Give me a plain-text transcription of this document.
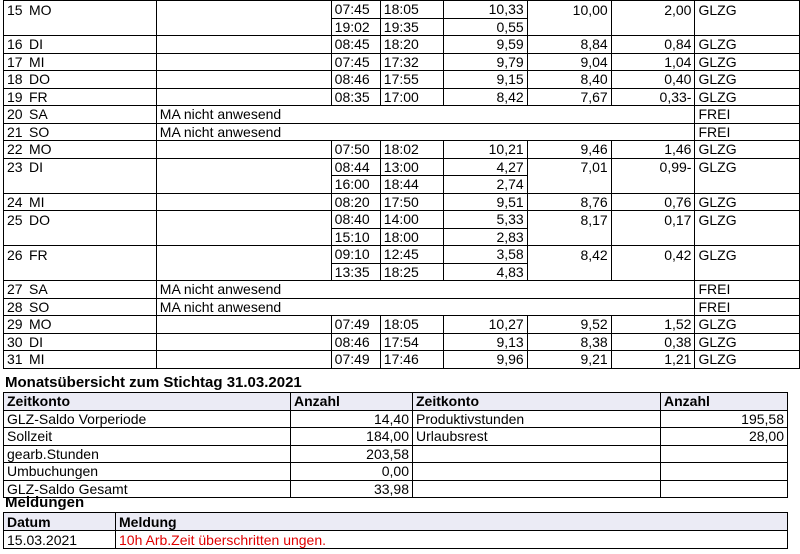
15 MO		07:45	18:05	10,33	10,00	2,00	GLZG
		19:02	19:35	0,55			
16 DI		08:45	18:20	9,59	8,84	0,84	GLZG
17 MI		07:45	17:32	9,79	9,04	1,04	GLZG
18 DO		08:46	17:55	9,15	8,40	0,40	GLZG
19 FR		08:35	17:00	8,42	7,67	0,33-	GLZG
20 SA	MA nicht anwesend						FREI
21 SO	MA nicht anwesend						FREI
22 MO		07:50	18:02	10,21	9,46	1,46	GLZG
23 DI		08:44	13:00	4,27	7,01	0,99-	GLZG
		16:00	18:44	2,74			
24 MI		08:20	17:50	9,51	8,76	0,76	GLZG
25 DO		08:40	14:00	5,33	8,17	0,17	GLZG
		15:10	18:00	2,83			
26 FR		09:10	12:45	3,58	8,42	0,42	GLZG
		13:35	18:25	4,83			
27 SA	MA nicht anwesend						FREI
28 SO	MA nicht anwesend						FREI
29 MO		07:49	18:05	10,27	9,52	1,52	GLZG
30 DI		08:46	17:54	9,13	8,38	0,38	GLZG
31 MI		07:49	17:46	9,96	9,21	1,21	GLZG
Monatsübersicht zum Stichtag 31.03.2021
Zeitkonto	Anzahl	Zeitkonto	Anzahl
GLZ-Saldo Vorperiode	14,40	Produktivstunden	195,58
Sollzeit	184,00	Urlaubsrest	28,00
gearb.Stunden	203,58		
Umbuchungen	0,00		
GLZ-Saldo Gesamt	33,98		
Meldungen
Datum	Meldung
15.03.2021	10h Arb.Zeit überschritten ungen.
